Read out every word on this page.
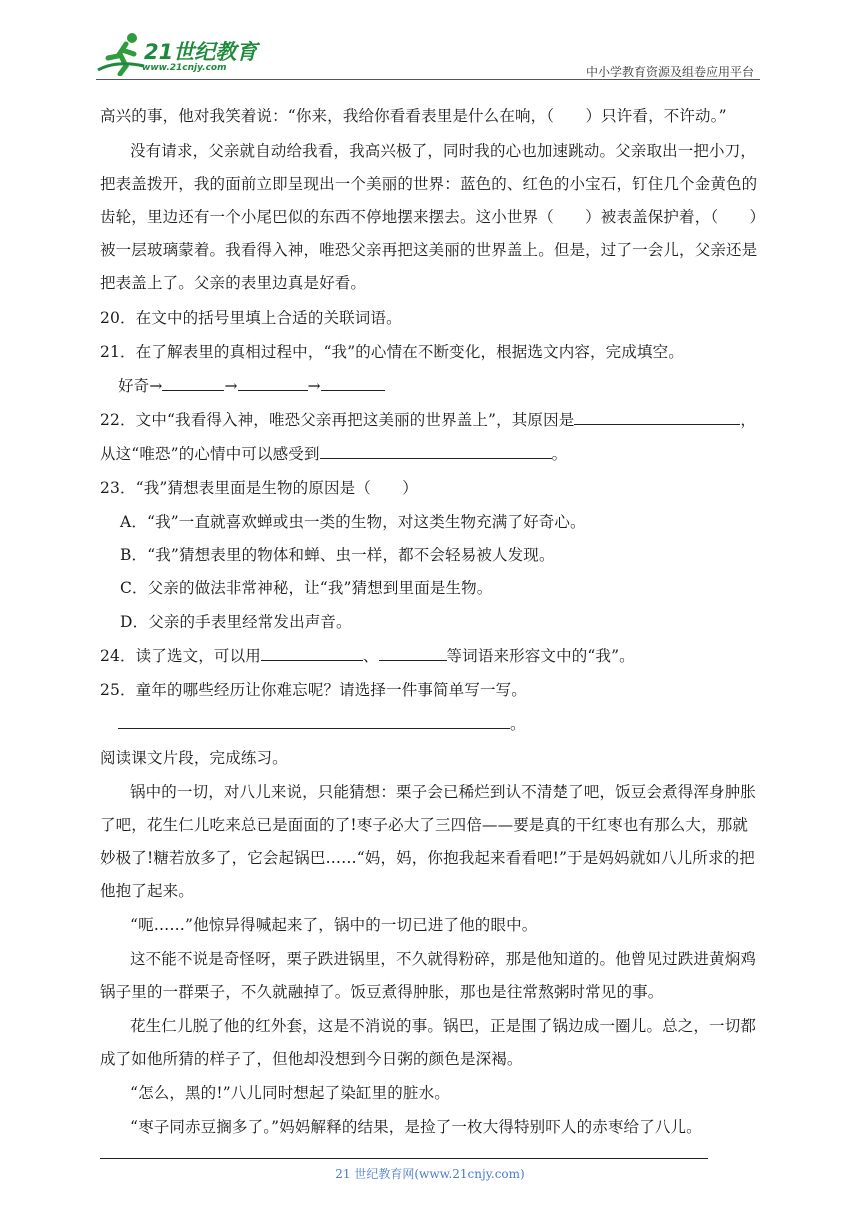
21世纪教育
www.21cnjy.com	中小学教育资源及组卷应用平台
高兴的事，他对我笑着说：“你来，我给你看看表里是什么在响，（　　）只许看，不许动。”
没有请求，父亲就自动给我看，我高兴极了，同时我的心也加速跳动。父亲取出一把小刀，
把表盖拨开，我的面前立即呈现出一个美丽的世界：蓝色的、红色的小宝石，钉住几个金黄色的
齿轮，里边还有一个小尾巴似的东西不停地摆来摆去。这小世界（　　）被表盖保护着，（　　）
被一层玻璃蒙着。我看得入神，唯恐父亲再把这美丽的世界盖上。但是，过了一会儿，父亲还是
把表盖上了。父亲的表里边真是好看。
20．在文中的括号里填上合适的关联词语。
21．在了解表里的真相过程中，“我”的心情在不断变化，根据选文内容，完成填空。
好奇→	→	→
22．文中“我看得入神，唯恐父亲再把这美丽的世界盖上”，其原因是	，
从这“唯恐”的心情中可以感受到	。
23．“我”猜想表里面是生物的原因是（　　）
A．“我”一直就喜欢蝉或虫一类的生物，对这类生物充满了好奇心。
B．“我”猜想表里的物体和蝉、虫一样，都不会轻易被人发现。
C．父亲的做法非常神秘，让“我”猜想到里面是生物。
D．父亲的手表里经常发出声音。
24．读了选文，可以用	、	等词语来形容文中的“我”。
25．童年的哪些经历让你难忘呢？请选择一件事简单写一写。
。
阅读课文片段，完成练习。
锅中的一切，对八儿来说，只能猜想：栗子会已稀烂到认不清楚了吧，饭豆会煮得浑身肿胀
了吧，花生仁儿吃来总已是面面的了!枣子必大了三四倍——要是真的干红枣也有那么大，那就
妙极了!糖若放多了，它会起锅巴……“妈，妈，你抱我起来看看吧!”于是妈妈就如八儿所求的把
他抱了起来。
“呃……”他惊异得喊起来了，锅中的一切已进了他的眼中。
这不能不说是奇怪呀，栗子跌进锅里，不久就得粉碎，那是他知道的。他曾见过跌进黄焖鸡
锅子里的一群栗子，不久就融掉了。饭豆煮得肿胀，那也是往常熬粥时常见的事。
花生仁儿脱了他的红外套，这是不消说的事。锅巴，正是围了锅边成一圈儿。总之，一切都
成了如他所猜的样子了，但他却没想到今日粥的颜色是深褐。
“怎么，黑的!”八儿同时想起了染缸里的脏水。
“枣子同赤豆搁多了。”妈妈解释的结果，是捡了一枚大得特别吓人的赤枣给了八儿。
21 世纪教育网(www.21cnjy.com)
